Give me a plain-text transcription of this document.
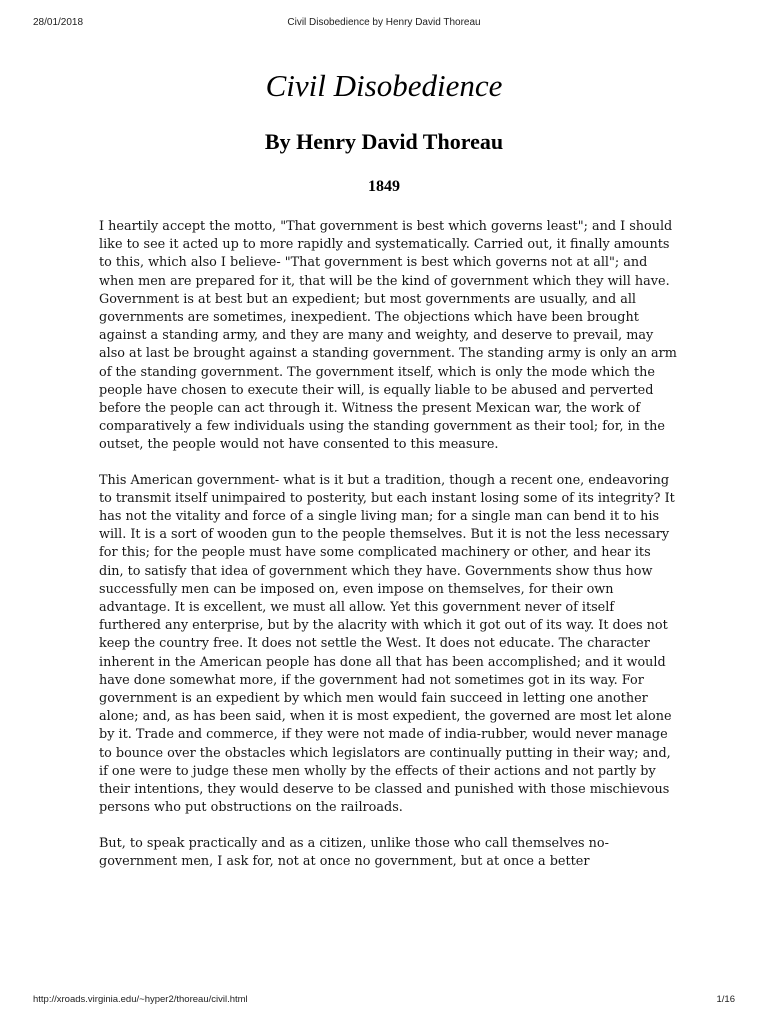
28/01/2018	Civil Disobedience by Henry David Thoreau
Civil Disobedience
By Henry David Thoreau
1849

I heartily accept the motto, "That government is best which governs least"; and I should like to see it acted up to more rapidly and systematically. Carried out, it finally amounts to this, which also I believe- "That government is best which governs not at all"; and when men are prepared for it, that will be the kind of government which they will have. Government is at best but an expedient; but most governments are usually, and all governments are sometimes, inexpedient. The objections which have been brought against a standing army, and they are many and weighty, and deserve to prevail, may also at last be brought against a standing government. The standing army is only an arm of the standing government. The government itself, which is only the mode which the people have chosen to execute their will, is equally liable to be abused and perverted before the people can act through it. Witness the present Mexican war, the work of comparatively a few individuals using the standing government as their tool; for, in the outset, the people would not have consented to this measure.

This American government- what is it but a tradition, though a recent one, endeavoring to transmit itself unimpaired to posterity, but each instant losing some of its integrity? It has not the vitality and force of a single living man; for a single man can bend it to his will. It is a sort of wooden gun to the people themselves. But it is not the less necessary for this; for the people must have some complicated machinery or other, and hear its din, to satisfy that idea of government which they have. Governments show thus how successfully men can be imposed on, even impose on themselves, for their own advantage. It is excellent, we must all allow. Yet this government never of itself furthered any enterprise, but by the alacrity with which it got out of its way. It does not keep the country free. It does not settle the West. It does not educate. The character inherent in the American people has done all that has been accomplished; and it would have done somewhat more, if the government had not sometimes got in its way. For government is an expedient by which men would fain succeed in letting one another alone; and, as has been said, when it is most expedient, the governed are most let alone by it. Trade and commerce, if they were not made of india-rubber, would never manage to bounce over the obstacles which legislators are continually putting in their way; and, if one were to judge these men wholly by the effects of their actions and not partly by their intentions, they would deserve to be classed and punished with those mischievous persons who put obstructions on the railroads.

But, to speak practically and as a citizen, unlike those who call themselves no-government men, I ask for, not at once no government, but at once a better

http://xroads.virginia.edu/~hyper2/thoreau/civil.html	1/16
